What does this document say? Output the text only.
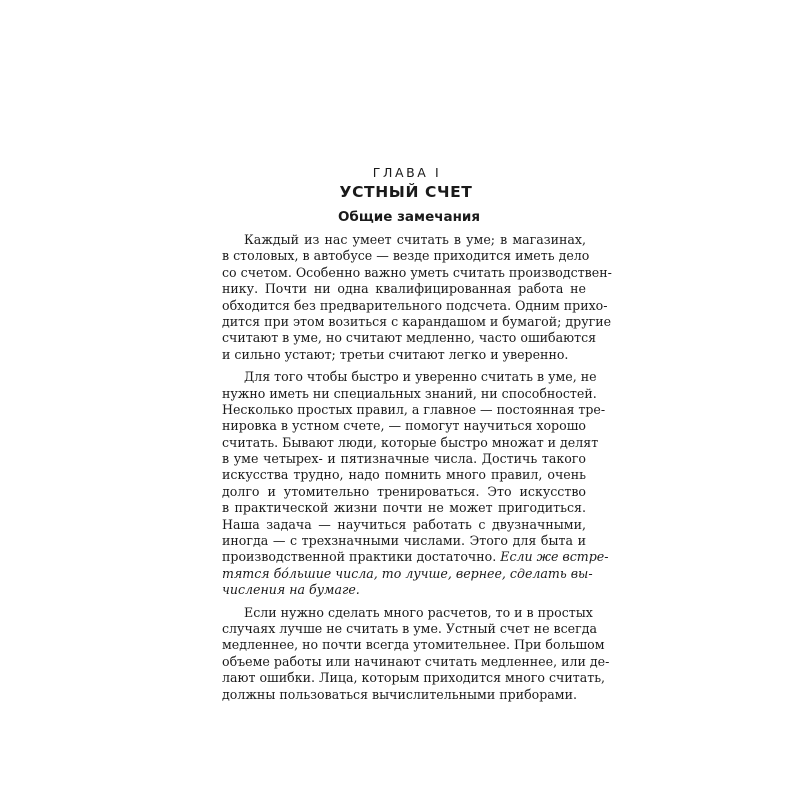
ГЛАВА I
УСТНЫЙ СЧЕТ
Общие замечания
Каждый из нас умеет считать в уме; в магазинах,
в столовых, в автобусе — везде приходится иметь дело
со счетом. Особенно важно уметь считать производствен-
нику. Почти ни одна квалифицированная работа не
обходится без предварительного подсчета. Одним прихо-
дится при этом возиться с карандашом и бумагой; другие
считают в уме, но считают медленно, часто ошибаются
и сильно устают; третьи считают легко и уверенно.
Для того чтобы быстро и уверенно считать в уме, не
нужно иметь ни специальных знаний, ни способностей.
Несколько простых правил, а главное — постоянная тре-
нировка в устном счете, — помогут научиться хорошо
считать. Бывают люди, которые быстро множат и делят
в уме четырех- и пятизначные числа. Достичь такого
искусства трудно, надо помнить много правил, очень
долго и утомительно тренироваться. Это искусство
в практической жизни почти не может пригодиться.
Наша задача — научиться работать с двузначными,
иногда — с трехзначными числами. Этого для быта и
производственной практики достаточно. Если же встре-
тятся бо́льшие числа, то лучше, вернее, сделать вы-
числения на бумаге.
Если нужно сделать много расчетов, то и в простых
случаях лучше не считать в уме. Устный счет не всегда
медленнее, но почти всегда утомительнее. При большом
объеме работы или начинают считать медленнее, или де-
лают ошибки. Лица, которым приходится много считать,
должны пользоваться вычислительными приборами.
